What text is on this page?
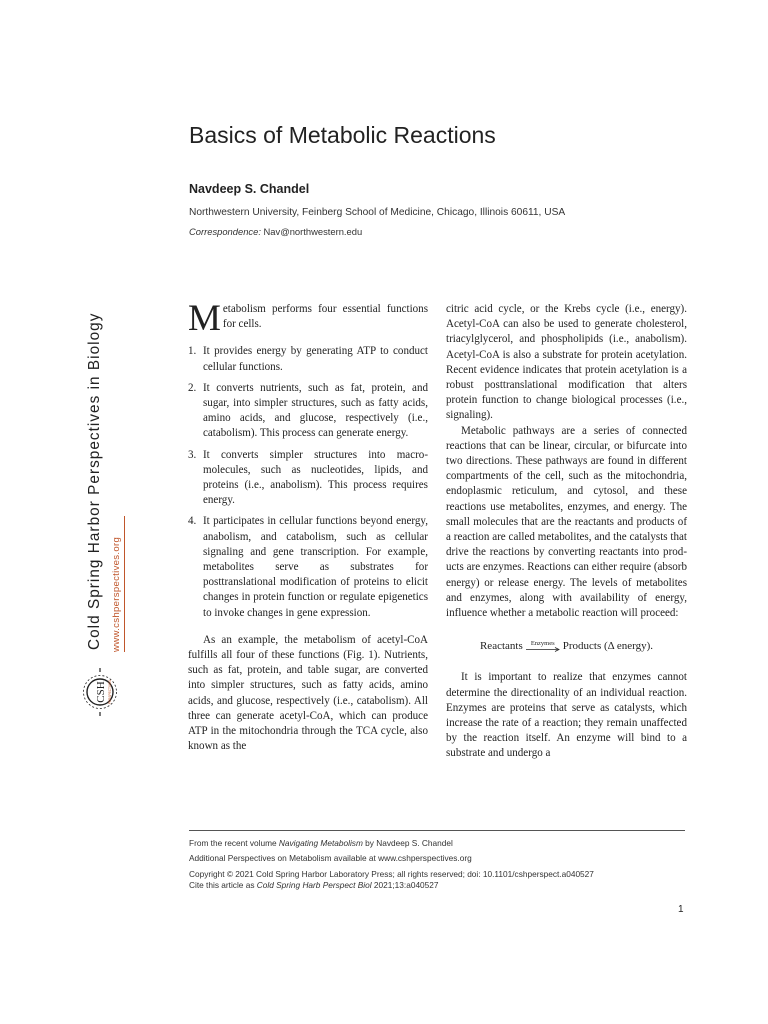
Basics of Metabolic Reactions
Navdeep S. Chandel
Northwestern University, Feinberg School of Medicine, Chicago, Illinois 60611, USA
Correspondence: Nav@northwestern.edu
Cold Spring Harbor Perspectives in Biology www.cshperspectives.org
CSH PERSPECTIVES

Metabolism performs four essential functions for cells.

1. It provides energy by generating ATP to conduct cellular functions.
2. It converts nutrients, such as fat, protein, and sugar, into simpler structures, such as fatty acids, amino acids, and glucose, respectively (i.e., catabolism). This process can generate energy.
3. It converts simpler structures into macromolecules, such as nucleotides, lipids, and proteins (i.e., anabolism). This process requires energy.
4. It participates in cellular functions beyond energy, anabolism, and catabolism, such as cellular signaling and gene transcription. For example, metabolites serve as substrates for posttranslational modification of proteins to elicit changes in protein function or regulate epigenetics to invoke changes in gene expression.

As an example, the metabolism of acetyl-CoA fulfills all four of these functions (Fig. 1). Nutrients, such as fat, protein, and table sugar, are converted into simpler structures, such as fatty acids, amino acids, and glucose, respectively (i.e., catabolism). All three can generate acetyl-CoA, which can produce ATP in the mitochondria through the TCA cycle, also known as the

citric acid cycle, or the Krebs cycle (i.e., energy). Acetyl-CoA can also be used to generate cholesterol, triacylglycerol, and phospholipids (i.e., anabolism). Acetyl-CoA is also a substrate for protein acetylation. Recent evidence indicates that protein acetylation is a robust posttranslational modification that alters protein function to change biological processes (i.e., signaling).

Metabolic pathways are a series of connected reactions that can be linear, circular, or bifurcate into two directions. These pathways are found in different compartments of the cell, such as the mitochondria, endoplasmic reticulum, and cytosol, and these reactions use metabolites, enzymes, and energy. The small molecules that are the reactants and products of a reaction are called metabolites, and the catalysts that drive the reactions by converting reactants into products are enzymes. Reactions can either require (absorb energy) or release energy. The levels of metabolites and enzymes, along with availability of energy, influence whether a metabolic reaction will proceed:

Reactants Enzymes Products (Δ energy).

It is important to realize that enzymes cannot determine the directionality of an individual reaction. Enzymes are proteins that serve as catalysts, which increase the rate of a reaction; they remain unaffected by the reaction itself. An enzyme will bind to a substrate and undergo a

From the recent volume Navigating Metabolism by Navdeep S. Chandel
Additional Perspectives on Metabolism available at www.cshperspectives.org
Copyright © 2021 Cold Spring Harbor Laboratory Press; all rights reserved; doi: 10.1101/cshperspect.a040527
Cite this article as Cold Spring Harb Perspect Biol 2021;13:a040527
1
